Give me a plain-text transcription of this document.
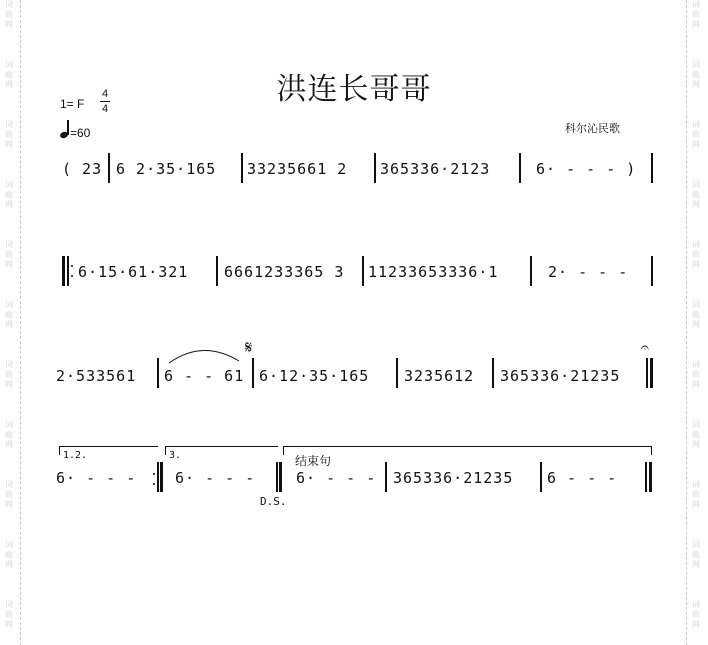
词
曲
网
词
曲
网
词
曲
网
词
曲
网
词
曲
网
词
曲
网
词
曲
网
词
曲
网
词
曲
网
词
曲
网
词
曲
网
词
曲
网
词
曲
网
词
曲
网
词
曲
网
词
曲
网
词
曲
网
词
曲
网
词
曲
网
词
曲
网
词
曲
网
词
曲
网
洪连长哥哥
1= F
4
4
=60	科尔沁民歌
( 23 6 2·35·165 33235661 2 365336·2123	6· - - - )
6·15·61·321 6661233365 3 11233653336·1	2· - - -
2·533561 6 - - 61
𝄋
6·12·35·165 3235612 365336·21235
𝄐
1.2.
6· - - -
3.
6· - - -
D.S.
结束句
6· - - - 365336·21235 6 - - -
